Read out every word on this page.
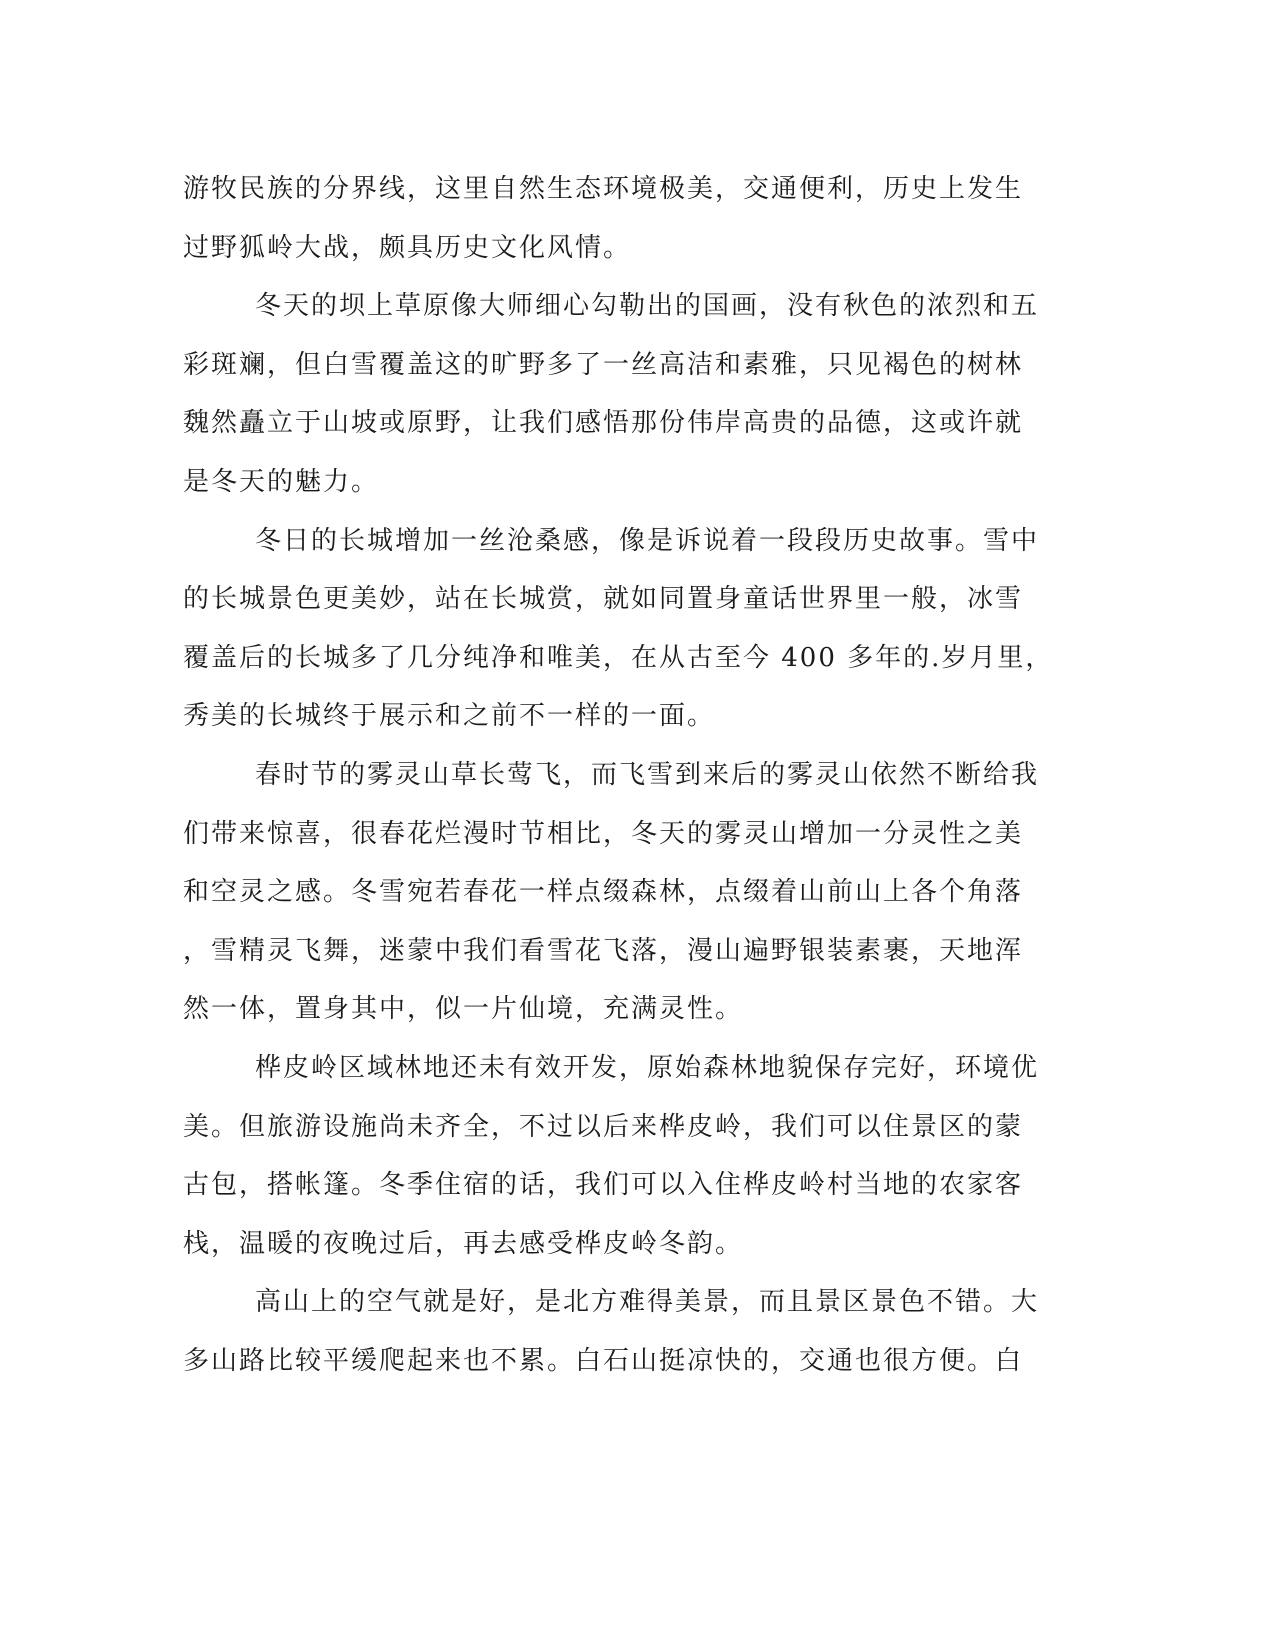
游牧民族的分界线，这里自然生态环境极美，交通便利，历史上发生
过野狐岭大战，颇具历史文化风情。
冬天的坝上草原像大师细心勾勒出的国画，没有秋色的浓烈和五
彩斑斓，但白雪覆盖这的旷野多了一丝高洁和素雅，只见褐色的树林
魏然矗立于山坡或原野，让我们感悟那份伟岸高贵的品德，这或许就
是冬天的魅力。
冬日的长城增加一丝沧桑感，像是诉说着一段段历史故事。雪中
的长城景色更美妙，站在长城赏，就如同置身童话世界里一般，冰雪
覆盖后的长城多了几分纯净和唯美，在从古至今 400 多年的.岁月里，
秀美的长城终于展示和之前不一样的一面。
春时节的雾灵山草长莺飞，而飞雪到来后的雾灵山依然不断给我
们带来惊喜，很春花烂漫时节相比，冬天的雾灵山增加一分灵性之美
和空灵之感。冬雪宛若春花一样点缀森林，点缀着山前山上各个角落
，雪精灵飞舞，迷蒙中我们看雪花飞落，漫山遍野银装素裹，天地浑
然一体，置身其中，似一片仙境，充满灵性。
桦皮岭区域林地还未有效开发，原始森林地貌保存完好，环境优
美。但旅游设施尚未齐全，不过以后来桦皮岭，我们可以住景区的蒙
古包，搭帐篷。冬季住宿的话，我们可以入住桦皮岭村当地的农家客
栈，温暖的夜晚过后，再去感受桦皮岭冬韵。
高山上的空气就是好，是北方难得美景，而且景区景色不错。大
多山路比较平缓爬起来也不累。白石山挺凉快的，交通也很方便。白
